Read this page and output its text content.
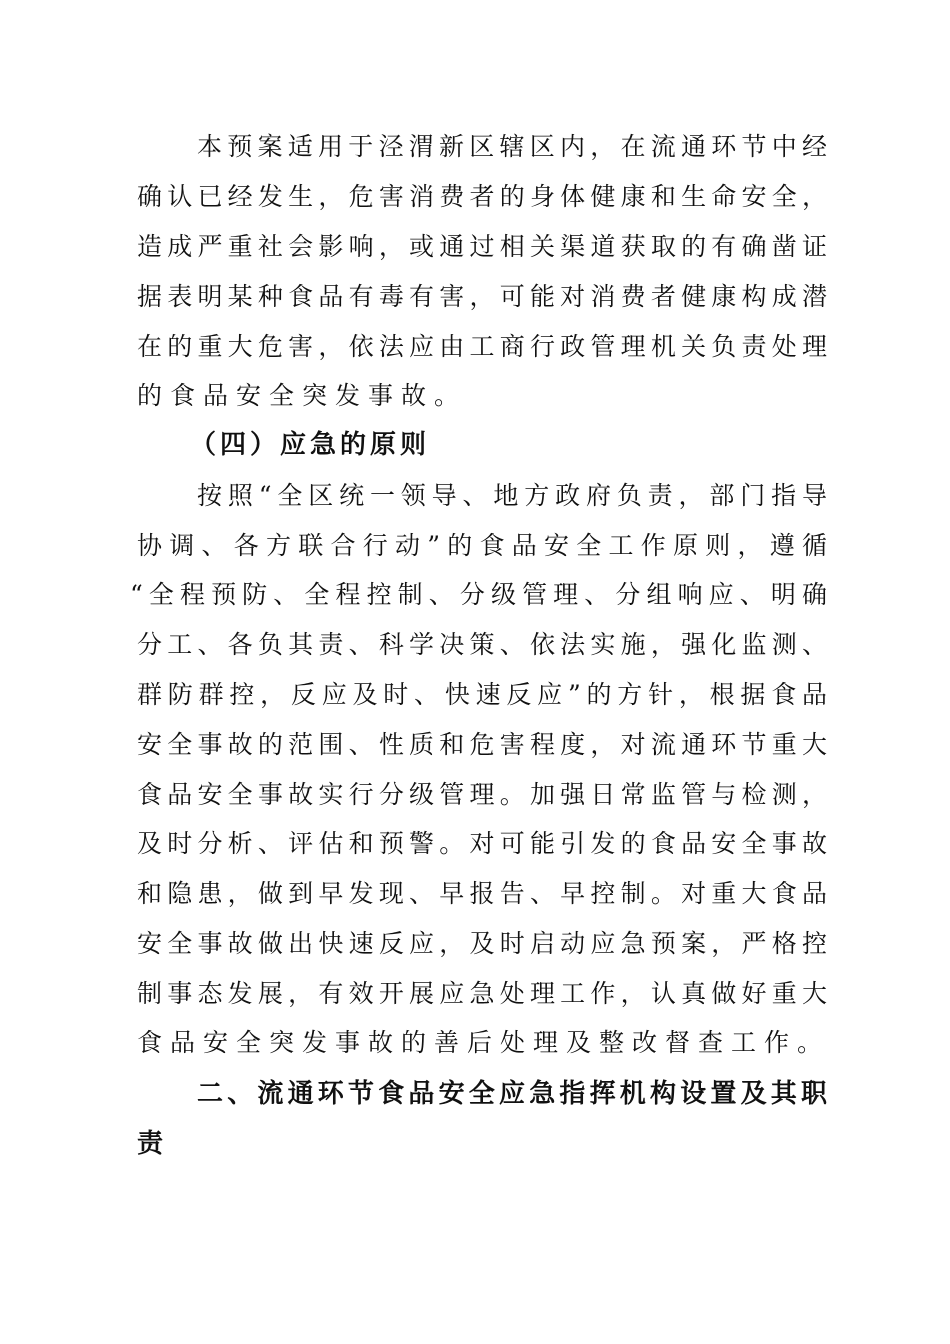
本预案适用于泾渭新区辖区内，在流通环节中经
确认已经发生，危害消费者的身体健康和生命安全，
造成严重社会影响，或通过相关渠道获取的有确凿证
据表明某种食品有毒有害，可能对消费者健康构成潜
在的重大危害，依法应由工商行政管理机关负责处理
的食品安全突发事故。
（四）应急的原则
按照“全区统一领导、地方政府负责，部门指导
协调、各方联合行动”的食品安全工作原则，遵循
“全程预防、全程控制、分级管理、分组响应、明确
分工、各负其责、科学决策、依法实施，强化监测、
群防群控，反应及时、快速反应”的方针，根据食品
安全事故的范围、性质和危害程度，对流通环节重大
食品安全事故实行分级管理。加强日常监管与检测，
及时分析、评估和预警。对可能引发的食品安全事故
和隐患，做到早发现、早报告、早控制。对重大食品
安全事故做出快速反应，及时启动应急预案，严格控
制事态发展，有效开展应急处理工作，认真做好重大
食品安全突发事故的善后处理及整改督查工作。
二、流通环节食品安全应急指挥机构设置及其职
责
